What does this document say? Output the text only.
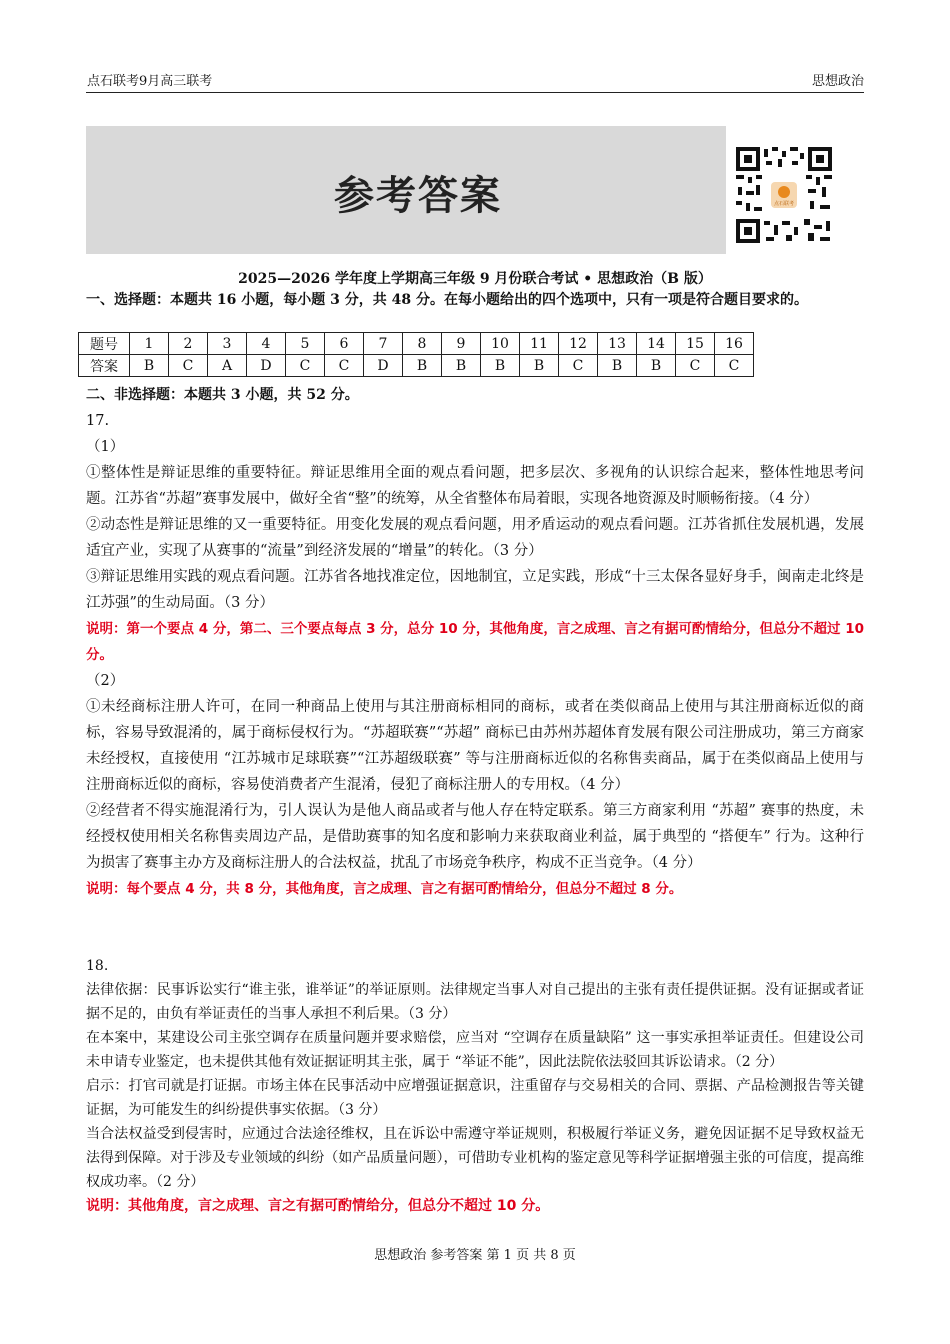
点石联考9月高三联考	思想政治
参考答案	点石联考
2025—2026 学年度上学期高三年级 9 月份联合考试 • 思想政治（B 版）
一、选择题：本题共 16 小题，每小题 3 分，共 48 分。在每小题给出的四个选项中，只有一项是符合题目要求的。
题号	1	2	3	4	5	6	7	8	9	10	11	12	13	14	15	16
答案	B	C	A	D	C	C	D	B	B	B	B	C	B	B	C	C
二、非选择题：本题共 3 小题，共 52 分。

17.

（1）

①整体性是辩证思维的重要特征。辩证思维用全面的观点看问题，把多层次、多视角的认识综合起来，整体性地思考问题。江苏省“苏超”赛事发展中，做好全省“整”的统筹，从全省整体布局着眼，实现各地资源及时顺畅衔接。（4 分）

②动态性是辩证思维的又一重要特征。用变化发展的观点看问题，用矛盾运动的观点看问题。江苏省抓住发展机遇，发展适宜产业，实现了从赛事的“流量”到经济发展的“增量”的转化。（3 分）

③辩证思维用实践的观点看问题。江苏省各地找准定位，因地制宜，立足实践，形成“十三太保各显好身手，闽南走北终是江苏强”的生动局面。（3 分）

说明：第一个要点 4 分，第二、三个要点每点 3 分，总分 10 分，其他角度，言之成理、言之有据可酌情给分，但总分不超过 10 分。

（2）

①未经商标注册人许可，在同一种商品上使用与其注册商标相同的商标，或者在类似商品上使用与其注册商标近似的商标，容易导致混淆的，属于商标侵权行为。“苏超联赛”“苏超” 商标已由苏州苏超体育发展有限公司注册成功，第三方商家未经授权，直接使用 “江苏城市足球联赛”“江苏超级联赛” 等与注册商标近似的名称售卖商品，属于在类似商品上使用与注册商标近似的商标，容易使消费者产生混淆，侵犯了商标注册人的专用权。（4 分）

②经营者不得实施混淆行为，引人误认为是他人商品或者与他人存在特定联系。第三方商家利用 “苏超” 赛事的热度，未经授权使用相关名称售卖周边产品，是借助赛事的知名度和影响力来获取商业利益，属于典型的 “搭便车” 行为。这种行为损害了赛事主办方及商标注册人的合法权益，扰乱了市场竞争秩序，构成不正当竞争。（4 分）

说明：每个要点 4 分，共 8 分，其他角度，言之成理、言之有据可酌情给分，但总分不超过 8 分。

18.

法律依据：民事诉讼实行“谁主张，谁举证”的举证原则。法律规定当事人对自己提出的主张有责任提供证据。没有证据或者证据不足的，由负有举证责任的当事人承担不利后果。（3 分）

在本案中，某建设公司主张空调存在质量问题并要求赔偿，应当对 “空调存在质量缺陷” 这一事实承担举证责任。但建设公司未申请专业鉴定，也未提供其他有效证据证明其主张，属于 “举证不能”，因此法院依法驳回其诉讼请求。（2 分）

启示：打官司就是打证据。市场主体在民事活动中应增强证据意识，注重留存与交易相关的合同、票据、产品检测报告等关键证据，为可能发生的纠纷提供事实依据。（3 分）

当合法权益受到侵害时，应通过合法途径维权，且在诉讼中需遵守举证规则，积极履行举证义务，避免因证据不足导致权益无法得到保障。对于涉及专业领域的纠纷（如产品质量问题），可借助专业机构的鉴定意见等科学证据增强主张的可信度，提高维权成功率。（2 分）

说明：其他角度，言之成理、言之有据可酌情给分，但总分不超过 10 分。

思想政治 参考答案 第 1 页 共 8 页
